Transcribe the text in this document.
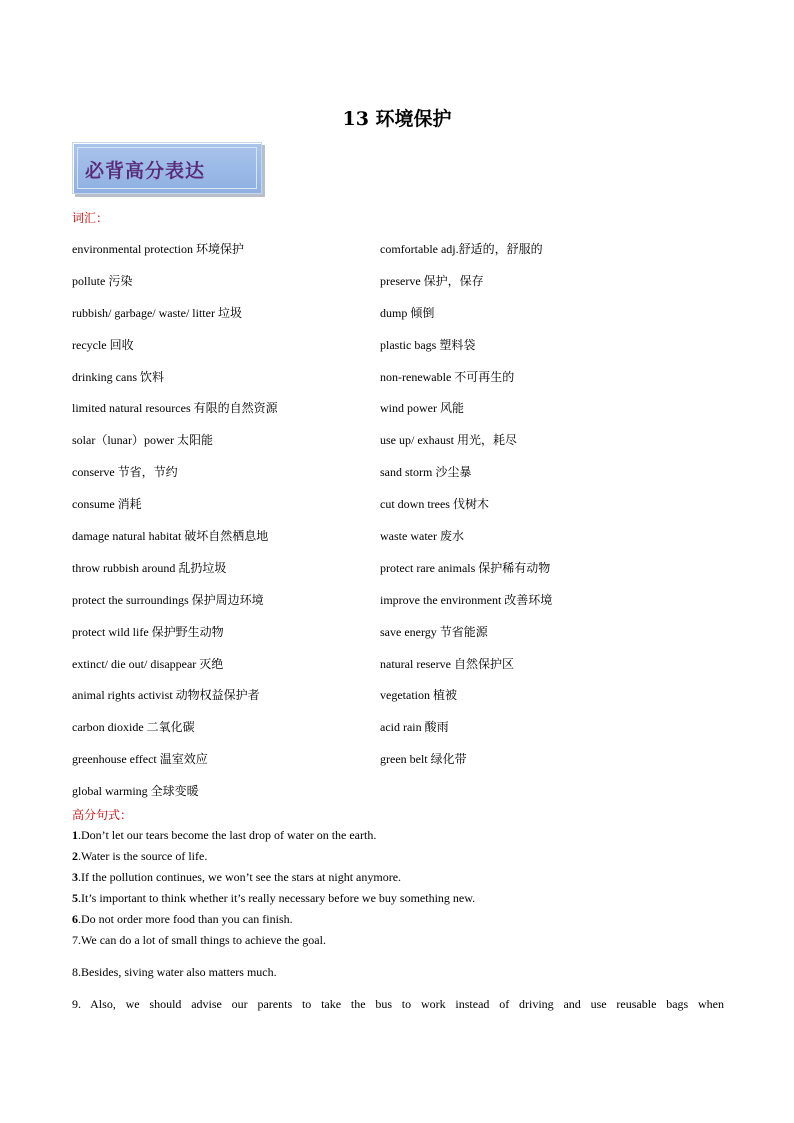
13 环境保护
必背高分表达
词汇：
environmental protection 环境保护	comfortable adj.舒适的，舒服的
pollute 污染	preserve 保护，保存
rubbish/ garbage/ waste/ litter 垃圾	dump 倾倒
recycle 回收	plastic bags 塑料袋
drinking cans 饮料	non-renewable 不可再生的
limited natural resources 有限的自然资源	wind power 风能
solar（lunar）power 太阳能	use up/ exhaust 用光，耗尽
conserve 节省，节约	sand storm 沙尘暴
consume 消耗	cut down trees 伐树木
damage natural habitat 破坏自然栖息地	waste water 废水
throw rubbish around 乱扔垃圾	protect rare animals 保护稀有动物
protect the surroundings 保护周边环境	improve the environment 改善环境
protect wild life 保护野生动物	save energy 节省能源
extinct/ die out/ disappear 灭绝	natural reserve 自然保护区
animal rights activist 动物权益保护者	vegetation 植被
carbon dioxide 二氧化碳	acid rain 酸雨
greenhouse effect 温室效应	green belt 绿化带
global warming 全球变暖
高分句式：
1.Don’t let our tears become the last drop of water on the earth.
2.Water is the source of life.
3.If the pollution continues, we won’t see the stars at night anymore.
5.It’s important to think whether it’s really necessary before we buy something new.
6.Do not order more food than you can finish.
7.We can do a lot of small things to achieve the goal.
8.Besides, siving water also matters much.
9. Also, we should advise our parents to take the bus to work instead of driving and use reusable bags when
